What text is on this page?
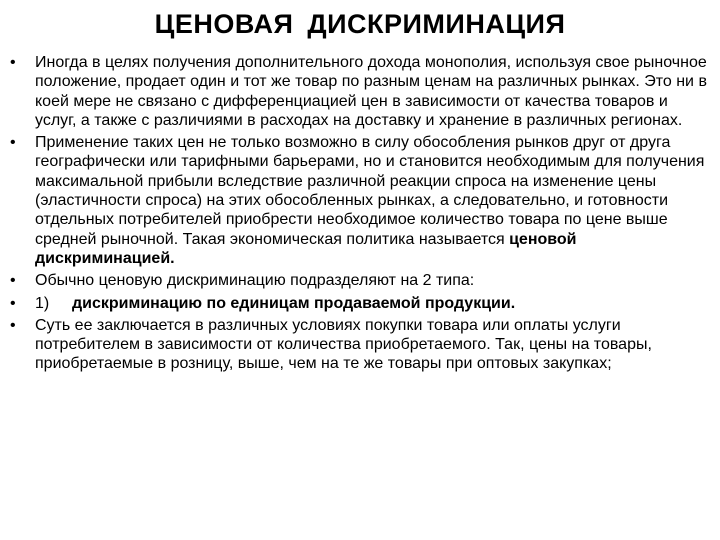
ЦЕНОВАЯ ДИСКРИМИНАЦИЯ
• Иногда в целях получения дополнительного дохода монополия, используя свое рыночное положение, продает один и тот же товар по разным ценам на различных рынках. Это ни в коей мере не связано с дифференциацией цен в зависимости от качества товаров и услуг, а также с различиями в расходах на доставку и хранение в различных регионах.
• Применение таких цен не только возможно в силу обособления рынков друг от друга географически или тарифными барьерами, но и становится необходимым для получения максимальной прибыли вследствие различной реакции спроса на изменение цены (эластичности спроса) на этих обособленных рынках, а следовательно, и готовности отдельных потребителей приобрести необходимое количество товара по цене выше средней рыночной. Такая экономическая политика называется ценовой дискриминацией.
• Обычно ценовую дискриминацию подразделяют на 2 типа:
• 1) дискриминацию по единицам продаваемой продукции.
• Суть ее заключается в различных условиях покупки товара или оплаты услуги потребителем в зависимости от количества приобретаемого. Так, цены на товары, приобретаемые в розницу, выше, чем на те же товары при оптовых закупках;
